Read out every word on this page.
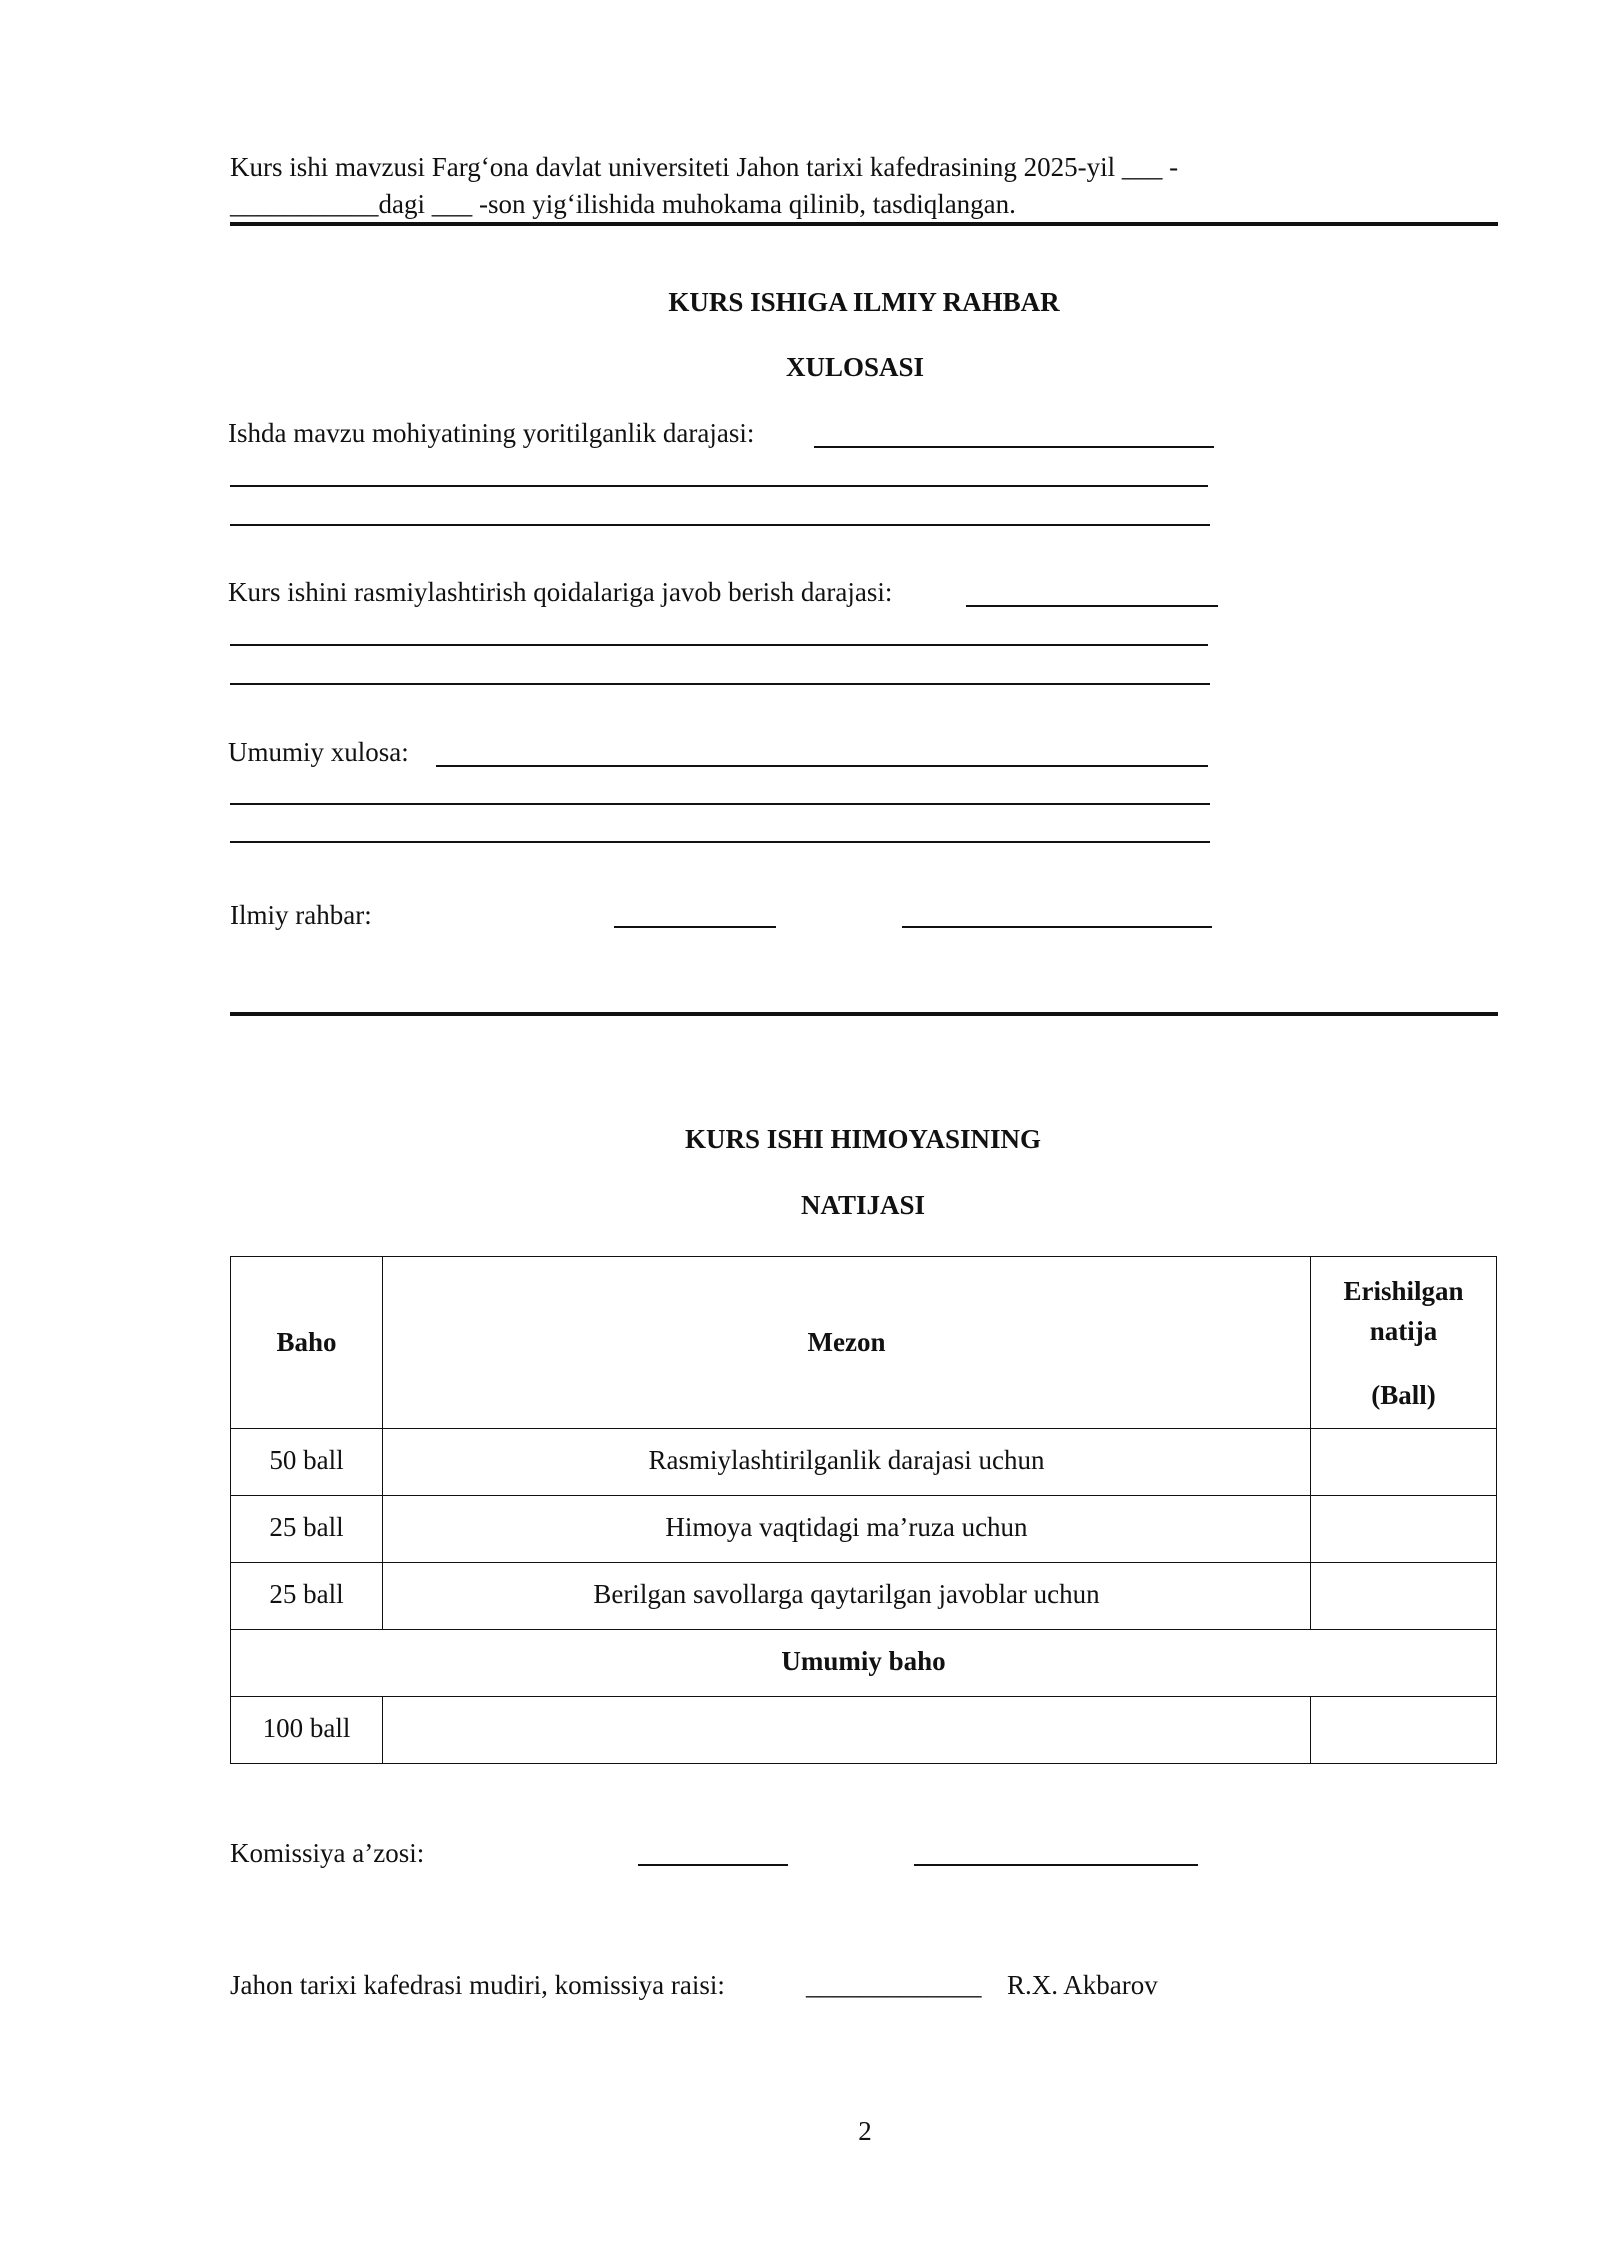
Kurs ishi mavzusi Farg‘ona davlat universiteti Jahon tarixi kafedrasining 2025-yil ___ -
___________dagi ___ -son yig‘ilishida muhokama qilinib, tasdiqlangan.
KURS ISHIGA ILMIY RAHBAR
XULOSASI
Ishda mavzu mohiyatining yoritilganlik darajasi:
Kurs ishini rasmiylashtirish qoidalariga javob berish darajasi:
Umumiy xulosa:
Ilmiy rahbar:
KURS ISHI HIMOYASINING
NATIJASI
Baho	Mezon	Erishilgan
natija
(Ball)

50 ball	Rasmiylashtirilganlik darajasi uchun	
25 ball	Himoya vaqtidagi ma’ruza uchun	
25 ball	Berilgan savollarga qaytarilgan javoblar uchun	
Umumiy baho		
100 ball		
Komissiya a’zosi:
Jahon tarixi kafedrasi mudiri, komissiya raisi:	_____________ R.X. Akbarov
2
